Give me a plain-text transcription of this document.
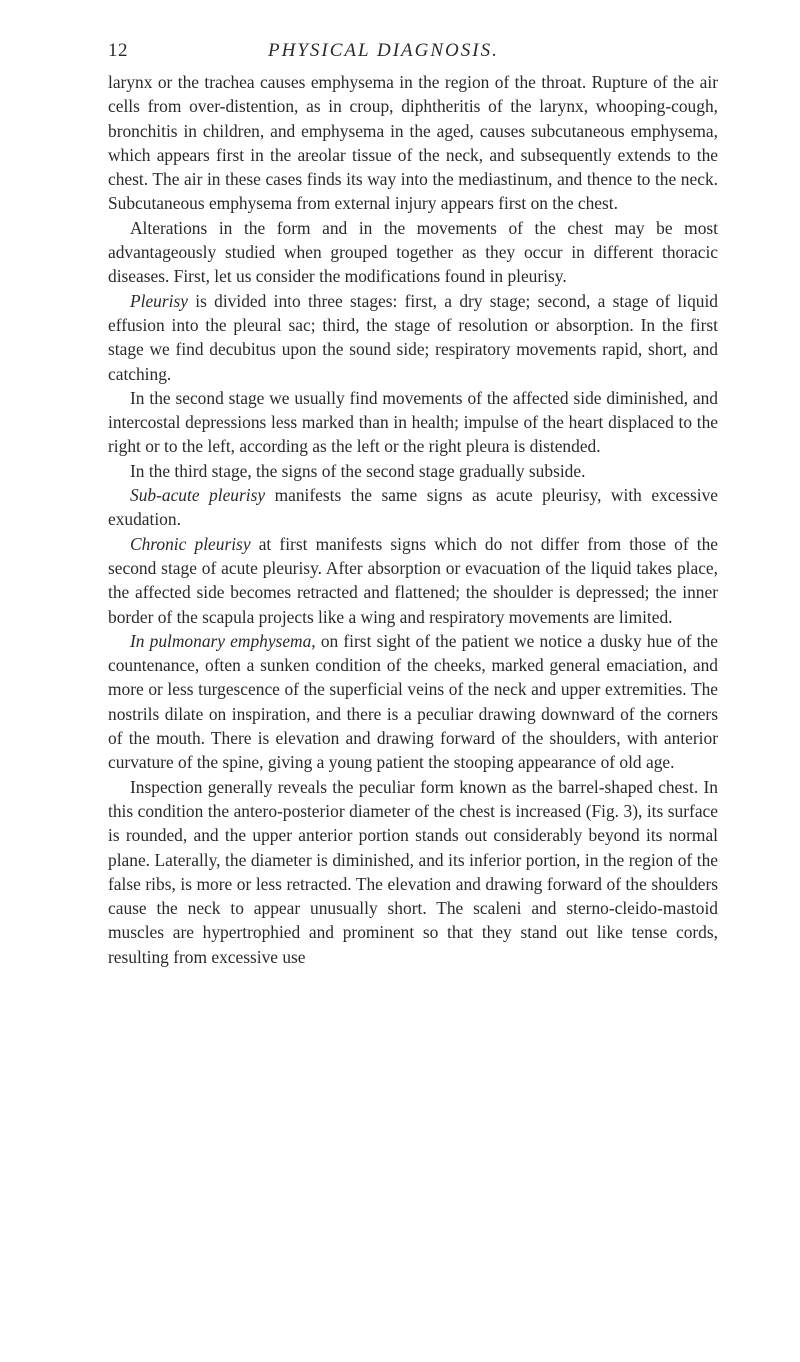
12	PHYSICAL DIAGNOSIS.

larynx or the trachea causes emphysema in the region of the throat. Rupture of the air cells from over-distention, as in croup, diphtheritis of the larynx, whooping-cough, bronchitis in children, and emphysema in the aged, causes subcutaneous emphysema, which appears first in the areolar tissue of the neck, and subsequently extends to the chest. The air in these cases finds its way into the mediastinum, and thence to the neck. Subcutaneous emphysema from external injury appears first on the chest.

Alterations in the form and in the movements of the chest may be most advantageously studied when grouped together as they occur in different thoracic diseases. First, let us consider the modifications found in pleurisy.

Pleurisy is divided into three stages: first, a dry stage; second, a stage of liquid effusion into the pleural sac; third, the stage of resolution or absorption. In the first stage we find decubitus upon the sound side; respiratory movements rapid, short, and catching.

In the second stage we usually find movements of the affected side diminished, and intercostal depressions less marked than in health; impulse of the heart displaced to the right or to the left, according as the left or the right pleura is distended.

In the third stage, the signs of the second stage gradually subside.

Sub-acute pleurisy manifests the same signs as acute pleurisy, with excessive exudation.

Chronic pleurisy at first manifests signs which do not differ from those of the second stage of acute pleurisy. After absorption or evacuation of the liquid takes place, the affected side becomes retracted and flattened; the shoulder is depressed; the inner border of the scapula projects like a wing and respiratory movements are limited.

In pulmonary emphysema, on first sight of the patient we notice a dusky hue of the countenance, often a sunken condition of the cheeks, marked general emaciation, and more or less turgescence of the superficial veins of the neck and upper extremities. The nostrils dilate on inspiration, and there is a peculiar drawing downward of the corners of the mouth. There is elevation and drawing forward of the shoulders, with anterior curvature of the spine, giving a young patient the stooping appearance of old age.

Inspection generally reveals the peculiar form known as the barrel-shaped chest. In this condition the antero-posterior diameter of the chest is increased (Fig. 3), its surface is rounded, and the upper anterior portion stands out considerably beyond its normal plane. Laterally, the diameter is diminished, and its inferior portion, in the region of the false ribs, is more or less retracted. The elevation and drawing forward of the shoulders cause the neck to appear unusually short. The scaleni and sterno-cleido-mastoid muscles are hypertrophied and prominent so that they stand out like tense cords, resulting from excessive use
